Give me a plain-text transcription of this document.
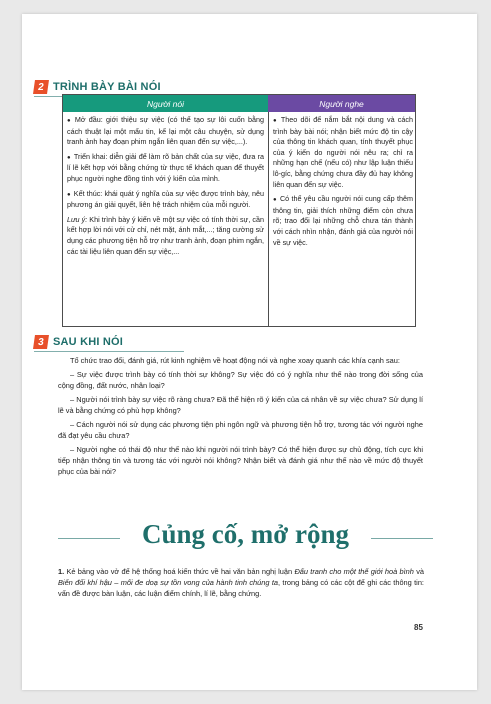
2 TRÌNH BÀY BÀI NÓI
Người nói	Người nghe

● Mở đầu: giới thiệu sự việc (có thể tạo sự lôi cuốn bằng cách thuật lại một mẩu tin, kể lại một câu chuyện, sử dụng tranh ảnh hay đoạn phim ngắn liên quan đến sự việc,...).

● Triển khai: diễn giải để làm rõ bản chất của sự việc, đưa ra lí lẽ kết hợp với bằng chứng từ thực tế khách quan để thuyết phục người nghe đồng tình với ý kiến của mình.

● Kết thúc: khái quát ý nghĩa của sự việc được trình bày, nêu phương án giải quyết, liên hệ trách nhiệm của mỗi người.

Lưu ý: Khi trình bày ý kiến về một sự việc có tính thời sự, cần kết hợp lời nói với cử chỉ, nét mặt, ánh mắt,...; tăng cường sử dụng các phương tiện hỗ trợ như tranh ảnh, đoạn phim ngắn, các tài liệu liên quan đến sự việc,...

● Theo dõi để nắm bắt nội dung và cách trình bày bài nói; nhận biết mức độ tin cậy của thông tin khách quan, tính thuyết phục của ý kiến do người nói nêu ra; chỉ ra những hạn chế (nếu có) như lập luận thiếu lô-gíc, bằng chứng chưa đầy đủ hay không liên quan đến sự việc.

● Có thể yêu cầu người nói cung cấp thêm thông tin, giải thích những điểm còn chưa rõ; trao đổi lại những chỗ chưa tán thành với cách nhìn nhận, đánh giá của người nói về sự việc.

3 SAU KHI NÓI

Tổ chức trao đổi, đánh giá, rút kinh nghiệm về hoạt động nói và nghe xoay quanh các khía cạnh sau:

– Sự việc được trình bày có tính thời sự không? Sự việc đó có ý nghĩa như thế nào trong đời sống của cộng đồng, đất nước, nhân loại?

– Người nói trình bày sự việc rõ ràng chưa? Đã thể hiện rõ ý kiến của cá nhân về sự việc chưa? Sử dụng lí lẽ và bằng chứng có phù hợp không?

– Cách người nói sử dụng các phương tiện phi ngôn ngữ và phương tiện hỗ trợ, tương tác với người nghe đã đạt yêu cầu chưa?

– Người nghe có thái độ như thế nào khi người nói trình bày? Có thể hiện được sự chủ động, tích cực khi tiếp nhận thông tin và tương tác với người nói không? Nhận biết và đánh giá như thế nào về mức độ thuyết phục của bài nói?

Củng cố, mở rộng
1. Kẻ bảng vào vở để hệ thống hoá kiến thức về hai văn bản nghị luận Đấu tranh cho một thế giới hoà bình và Biến đổi khí hậu – mối đe doạ sự tồn vong của hành tinh chúng ta, trong bảng có các cột để ghi các thông tin: vấn đề được bàn luận, các luận điểm chính, lí lẽ, bằng chứng.
85
